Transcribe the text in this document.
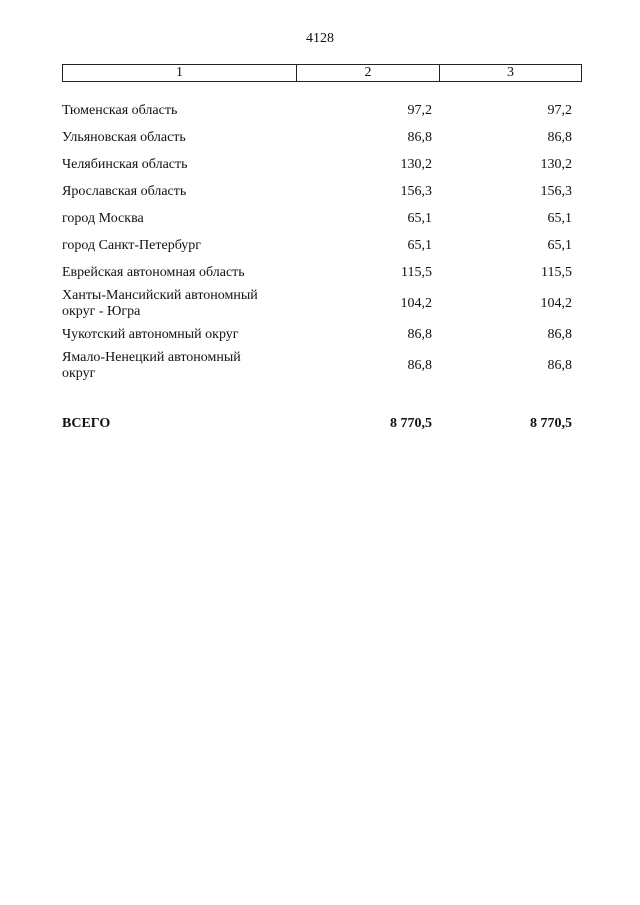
4128
1	2	3
Тюменская область	97,2	97,2
Ульяновская область	86,8	86,8
Челябинская область	130,2	130,2
Ярославская область	156,3	156,3
город Москва	65,1	65,1
город Санкт-Петербург	65,1	65,1
Еврейская автономная область	115,5	115,5
Ханты-Мансийский автономный
округ - Югра
104,2	104,2
Чукотский автономный округ	86,8	86,8
Ямало-Ненецкий автономный
округ
86,8	86,8
ВСЕГО	8 770,5	8 770,5
